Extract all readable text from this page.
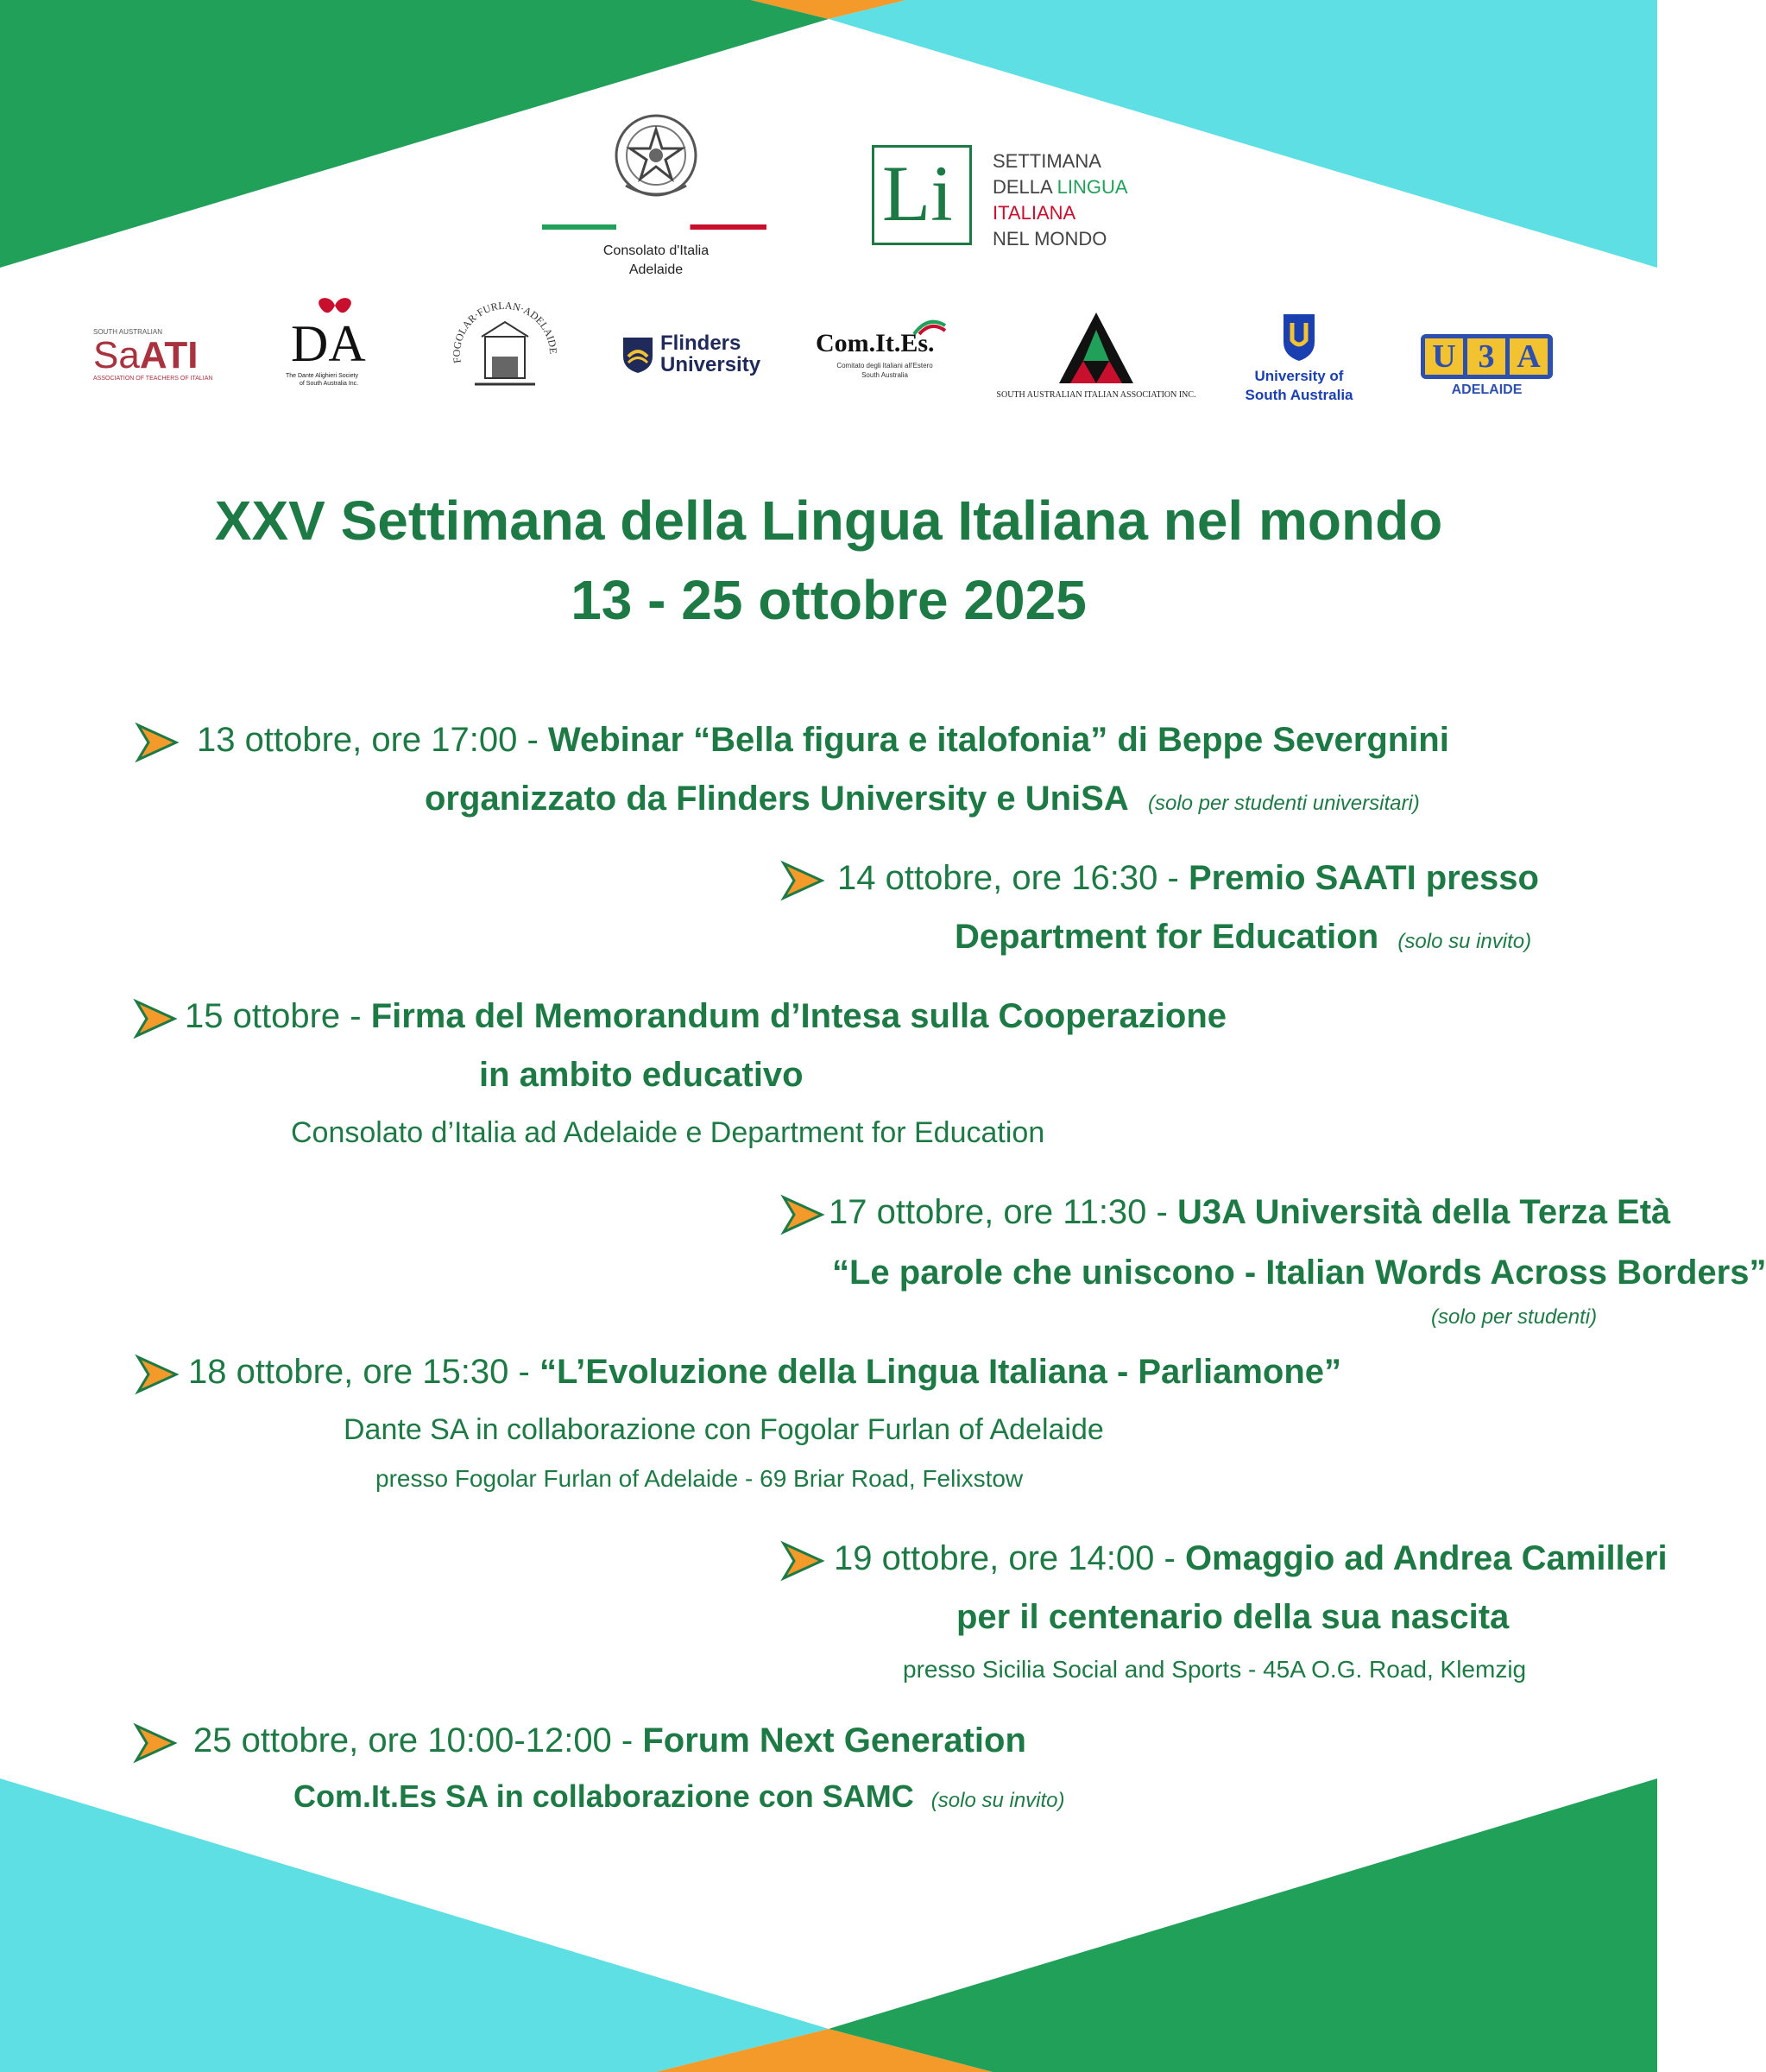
Consolato d'Italia
Adelaide
Li SETTIMANA
DELLA LINGUA
ITALIANA
NEL MONDO
SOUTH AUSTRALIAN
SaATI
ASSOCIATION OF TEACHERS OF ITALIAN
DA
The Dante Alighieri Society
of South Australia Inc.
FOGOLAR·FURLAN·ADELAIDE	Flinders
University
Com.It.Es.
Comitato degli Italiani all'Estero
South Australia
SOUTH AUSTRALIAN ITALIAN ASSOCIATION INC.
University of
South Australia
U 3 A
ADELAIDE
XXV Settimana della Lingua Italiana nel mondo
13 - 25 ottobre 2025
13 ottobre, ore 17:00 - Webinar “Bella figura e italofonia” di Beppe Severgnini
organizzato da Flinders University e UniSA (solo per studenti universitari)
14 ottobre, ore 16:30 - Premio SAATI presso
Department for Education (solo su invito)
15 ottobre - Firma del Memorandum d’Intesa sulla Cooperazione
in ambito educativo
Consolato d’Italia ad Adelaide e Department for Education
17 ottobre, ore 11:30 - U3A Università della Terza Età
“Le parole che uniscono - Italian Words Across Borders”
(solo per studenti)
18 ottobre, ore 15:30 - “L’Evoluzione della Lingua Italiana - Parliamone”
Dante SA in collaborazione con Fogolar Furlan of Adelaide
presso Fogolar Furlan of Adelaide - 69 Briar Road, Felixstow
19 ottobre, ore 14:00 - Omaggio ad Andrea Camilleri
per il centenario della sua nascita
presso Sicilia Social and Sports - 45A O.G. Road, Klemzig
25 ottobre, ore 10:00-12:00 - Forum Next Generation
Com.It.Es SA in collaborazione con SAMC (solo su invito)
